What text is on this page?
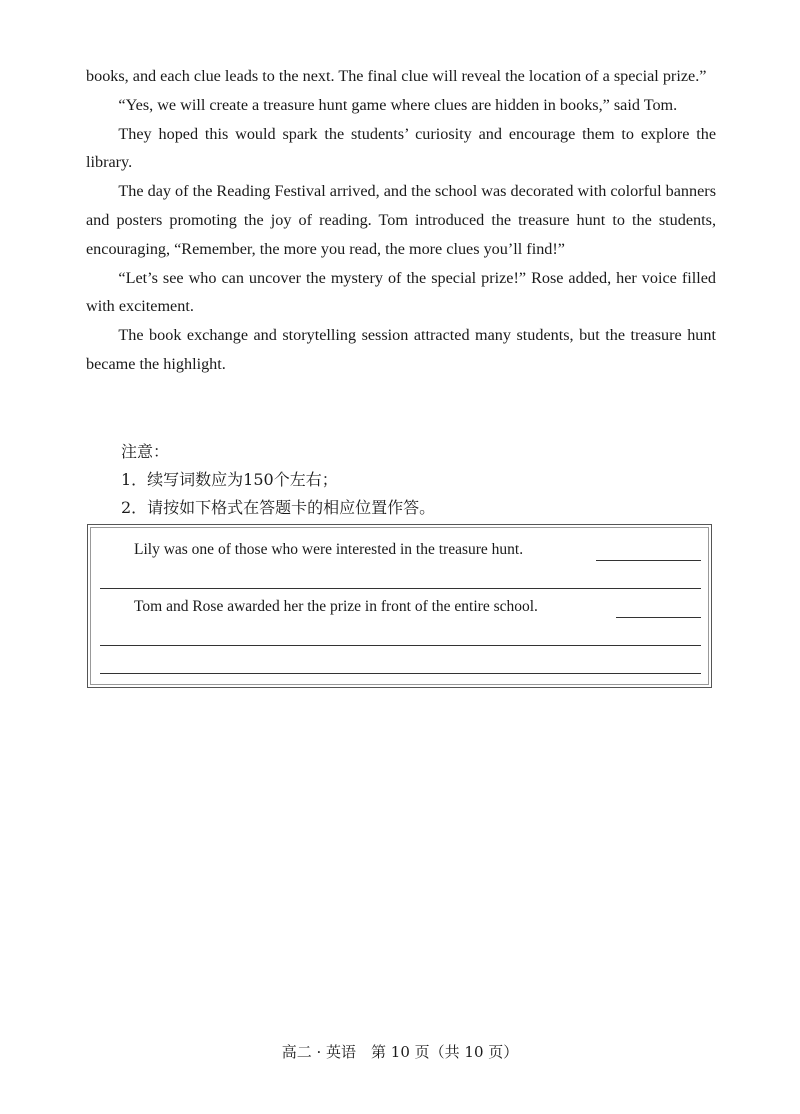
books, and each clue leads to the next. The final clue will reveal the location of a special prize.”

“Yes, we will create a treasure hunt game where clues are hidden in books,” said Tom.

They hoped this would spark the students’ curiosity and encourage them to explore the library.

The day of the Reading Festival arrived, and the school was decorated with colorful banners and posters promoting the joy of reading. Tom introduced the treasure hunt to the students, encouraging, “Remember, the more you read, the more clues you’ll find!”

“Let’s see who can uncover the mystery of the special prize!” Rose added, her voice filled with excitement.

The book exchange and storytelling session attracted many students, but the treasure hunt became the highlight.

注意：
1．续写词数应为150个左右；
2．请按如下格式在答题卡的相应位置作答。
Lily was one of those who were interested in the treasure hunt.
Tom and Rose awarded her the prize in front of the entire school.
高二 · 英语　第 10 页（共 10 页）
